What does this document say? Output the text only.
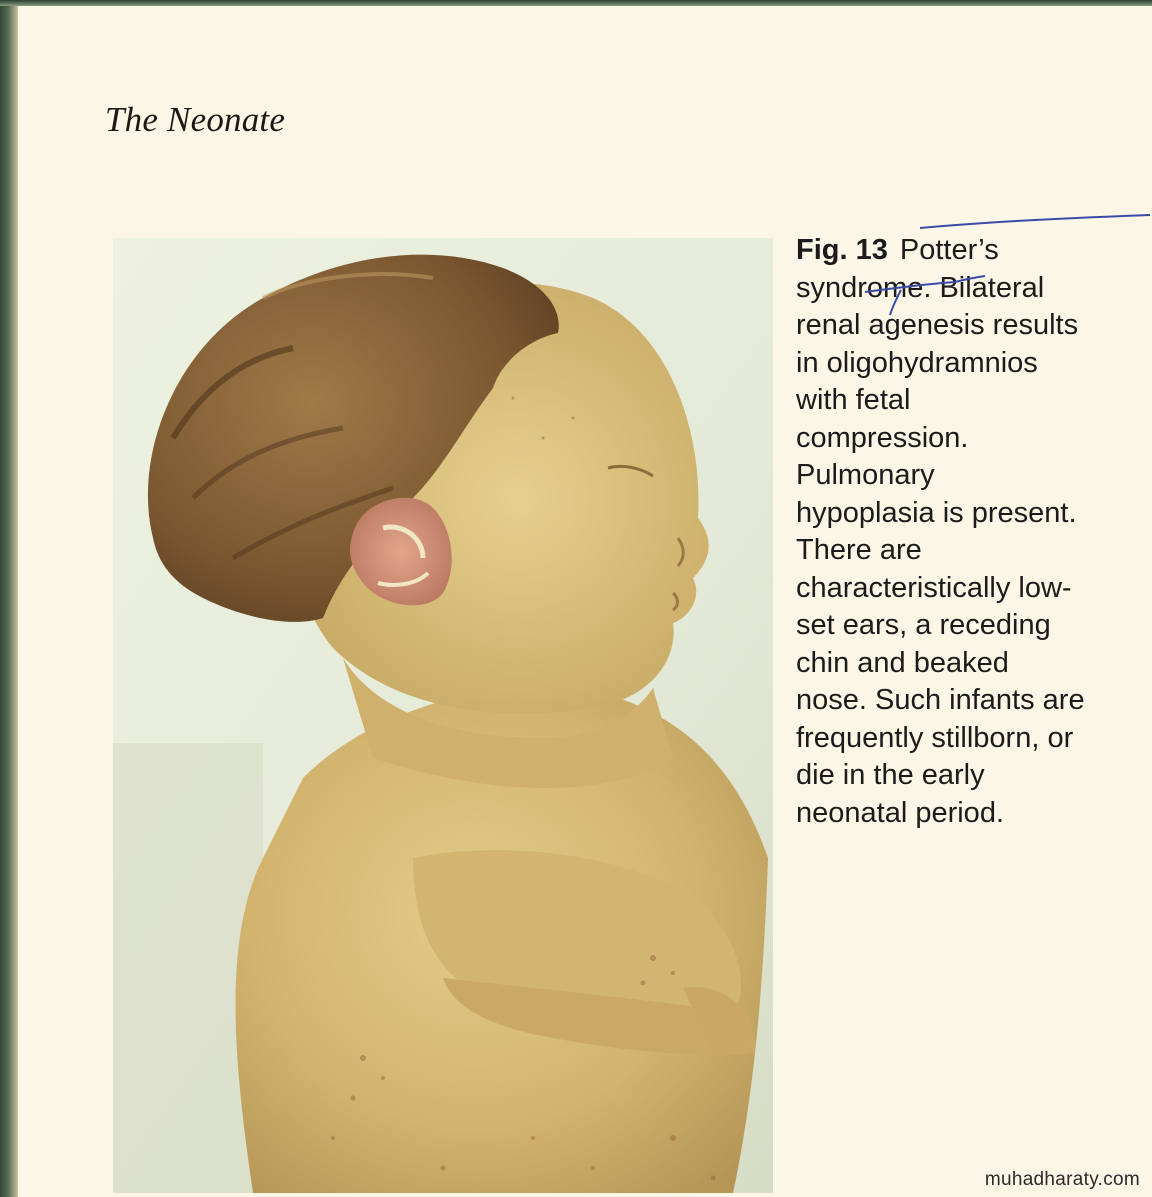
The Neonate
Fig. 13 Potter’s
syndrome. Bilateral
renal agenesis results
in oligohydramnios
with fetal
compression.
Pulmonary
hypoplasia is present.
There are
characteristically low-
set ears, a receding
chin and beaked
nose. Such infants are
frequently stillborn, or
die in the early
neonatal period.
muhadharaty.com
